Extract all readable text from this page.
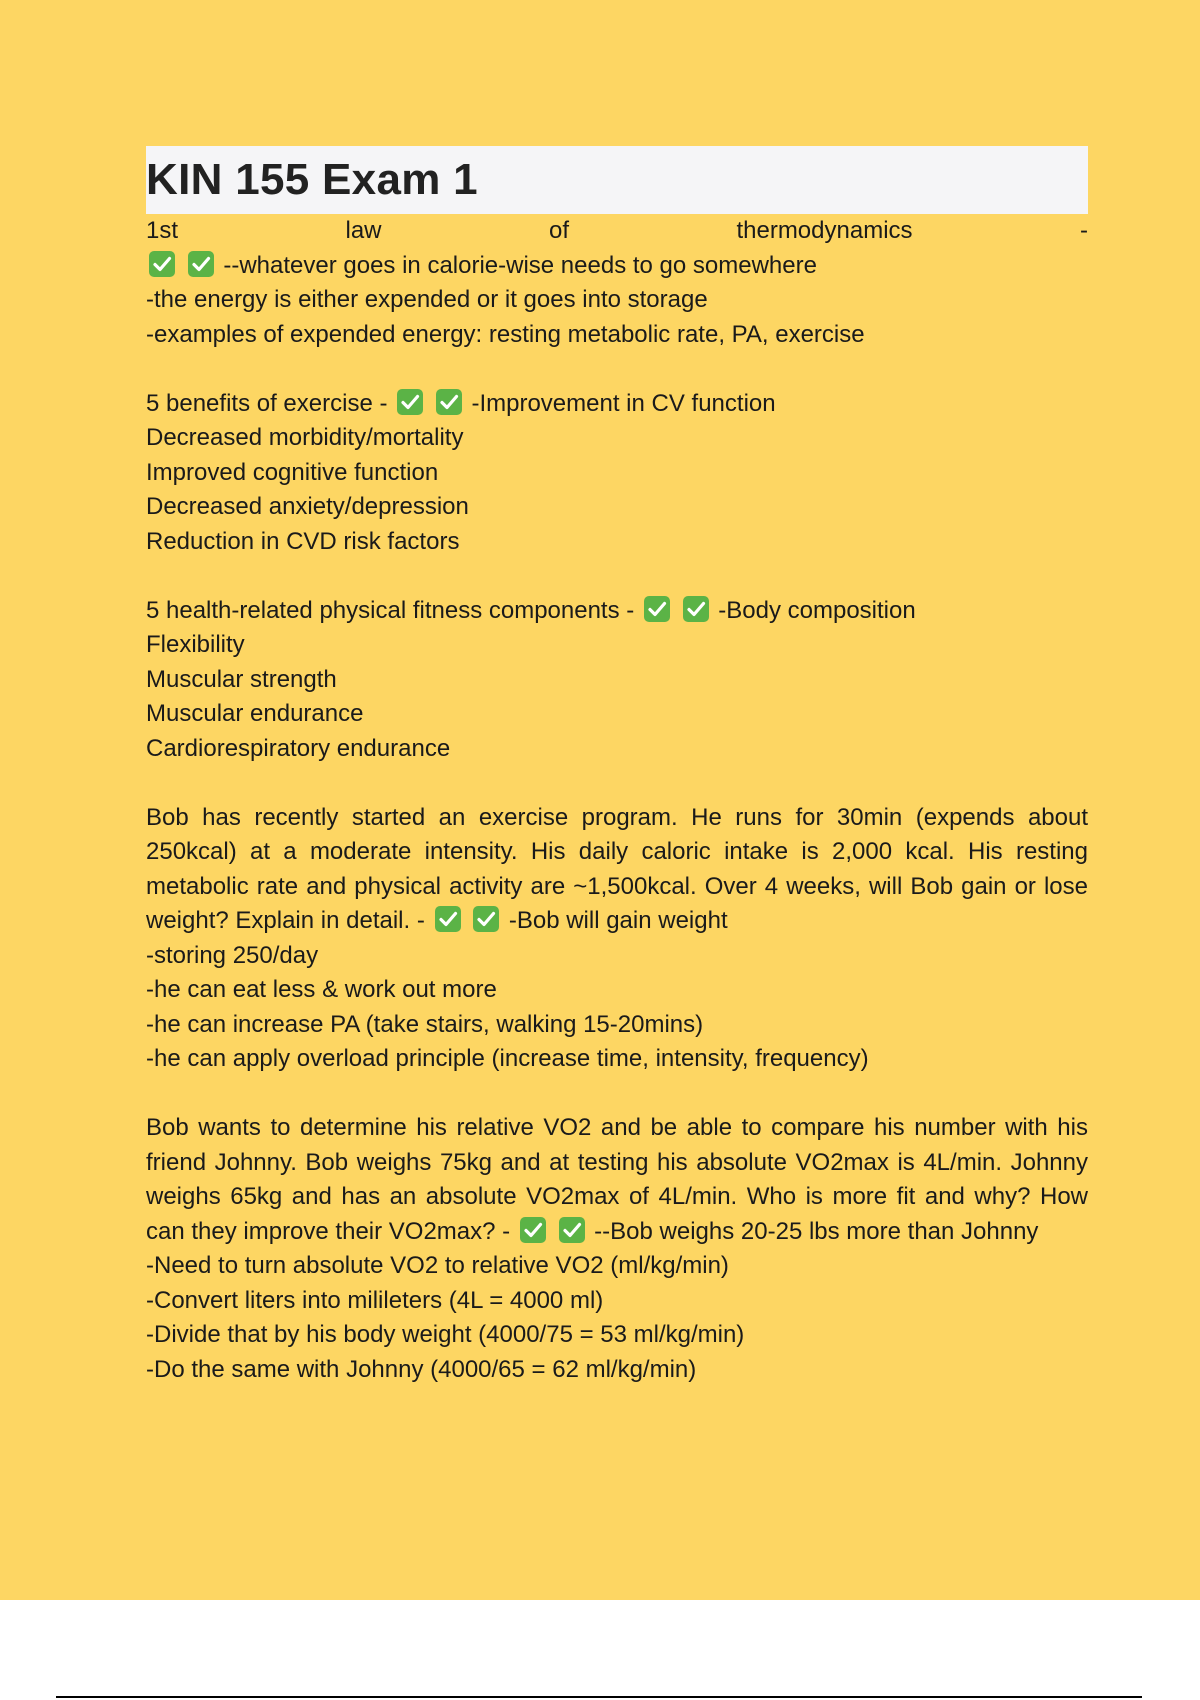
KIN 155 Exam 1

1st law of thermodynamics -   --whatever goes in calorie-wise needs to go somewhere

-the energy is either expended or it goes into storage

-examples of expended energy: resting metabolic rate, PA, exercise

5 benefits of exercise -	-Improvement in CV function

Decreased morbidity/mortality

Improved cognitive function

Decreased anxiety/depression

Reduction in CVD risk factors

5 health-related physical fitness components -	-Body composition

Flexibility

Muscular strength

Muscular endurance

Cardiorespiratory endurance

Bob has recently started an exercise program. He runs for 30min (expends about 250kcal) at a moderate intensity. His daily caloric intake is 2,000 kcal. His resting metabolic rate and physical activity are ~1,500kcal. Over 4 weeks, will Bob gain or lose weight? Explain in detail. -	-Bob will gain weight

-storing 250/day

-he can eat less & work out more

-he can increase PA (take stairs, walking 15-20mins)

-he can apply overload principle (increase time, intensity, frequency)

Bob wants to determine his relative VO2 and be able to compare his number with his friend Johnny. Bob weighs 75kg and at testing his absolute VO2max is 4L/min. Johnny weighs 65kg and has an absolute VO2max of 4L/min. Who is more fit and why? How can they improve their VO2max? -	--Bob weighs 20-25 lbs more than Johnny

-Need to turn absolute VO2 to relative VO2 (ml/kg/min)

-Convert liters into milileters (4L = 4000 ml)

-Divide that by his body weight (4000/75 = 53 ml/kg/min)

-Do the same with Johnny (4000/65 = 62 ml/kg/min)
